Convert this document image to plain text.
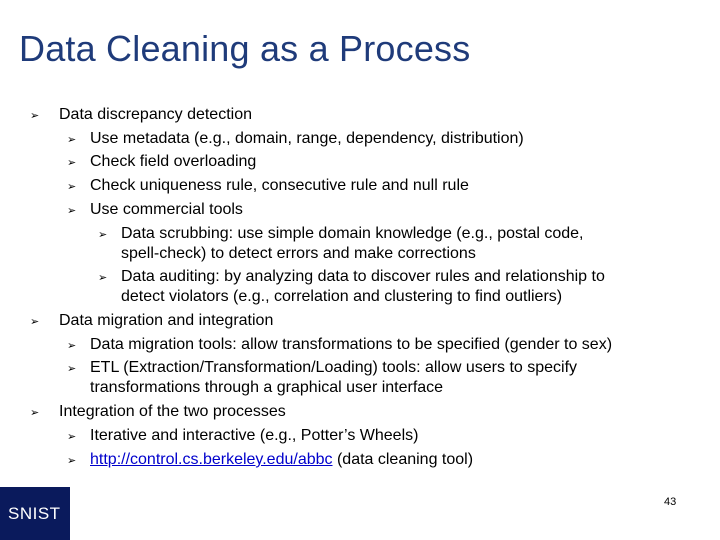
Data Cleaning as a Process
➢ Data discrepancy detection
➢ Use metadata (e.g., domain, range, dependency, distribution)
➢ Check field overloading
➢ Check uniqueness rule, consecutive rule and null rule
➢ Use commercial tools
➢ Data scrubbing: use simple domain knowledge (e.g., postal code,
spell-check) to detect errors and make corrections
➢ Data auditing: by analyzing data to discover rules and relationship to
detect violators (e.g., correlation and clustering to find outliers)
➢ Data migration and integration
➢ Data migration tools: allow transformations to be specified (gender to sex)
➢ ETL (Extraction/Transformation/Loading) tools: allow users to specify
transformations through a graphical user interface
➢ Integration of the two processes
➢ Iterative and interactive (e.g., Potter’s Wheels)
➢ http://control.cs.berkeley.edu/abbc (data cleaning tool)
SNIST
43
